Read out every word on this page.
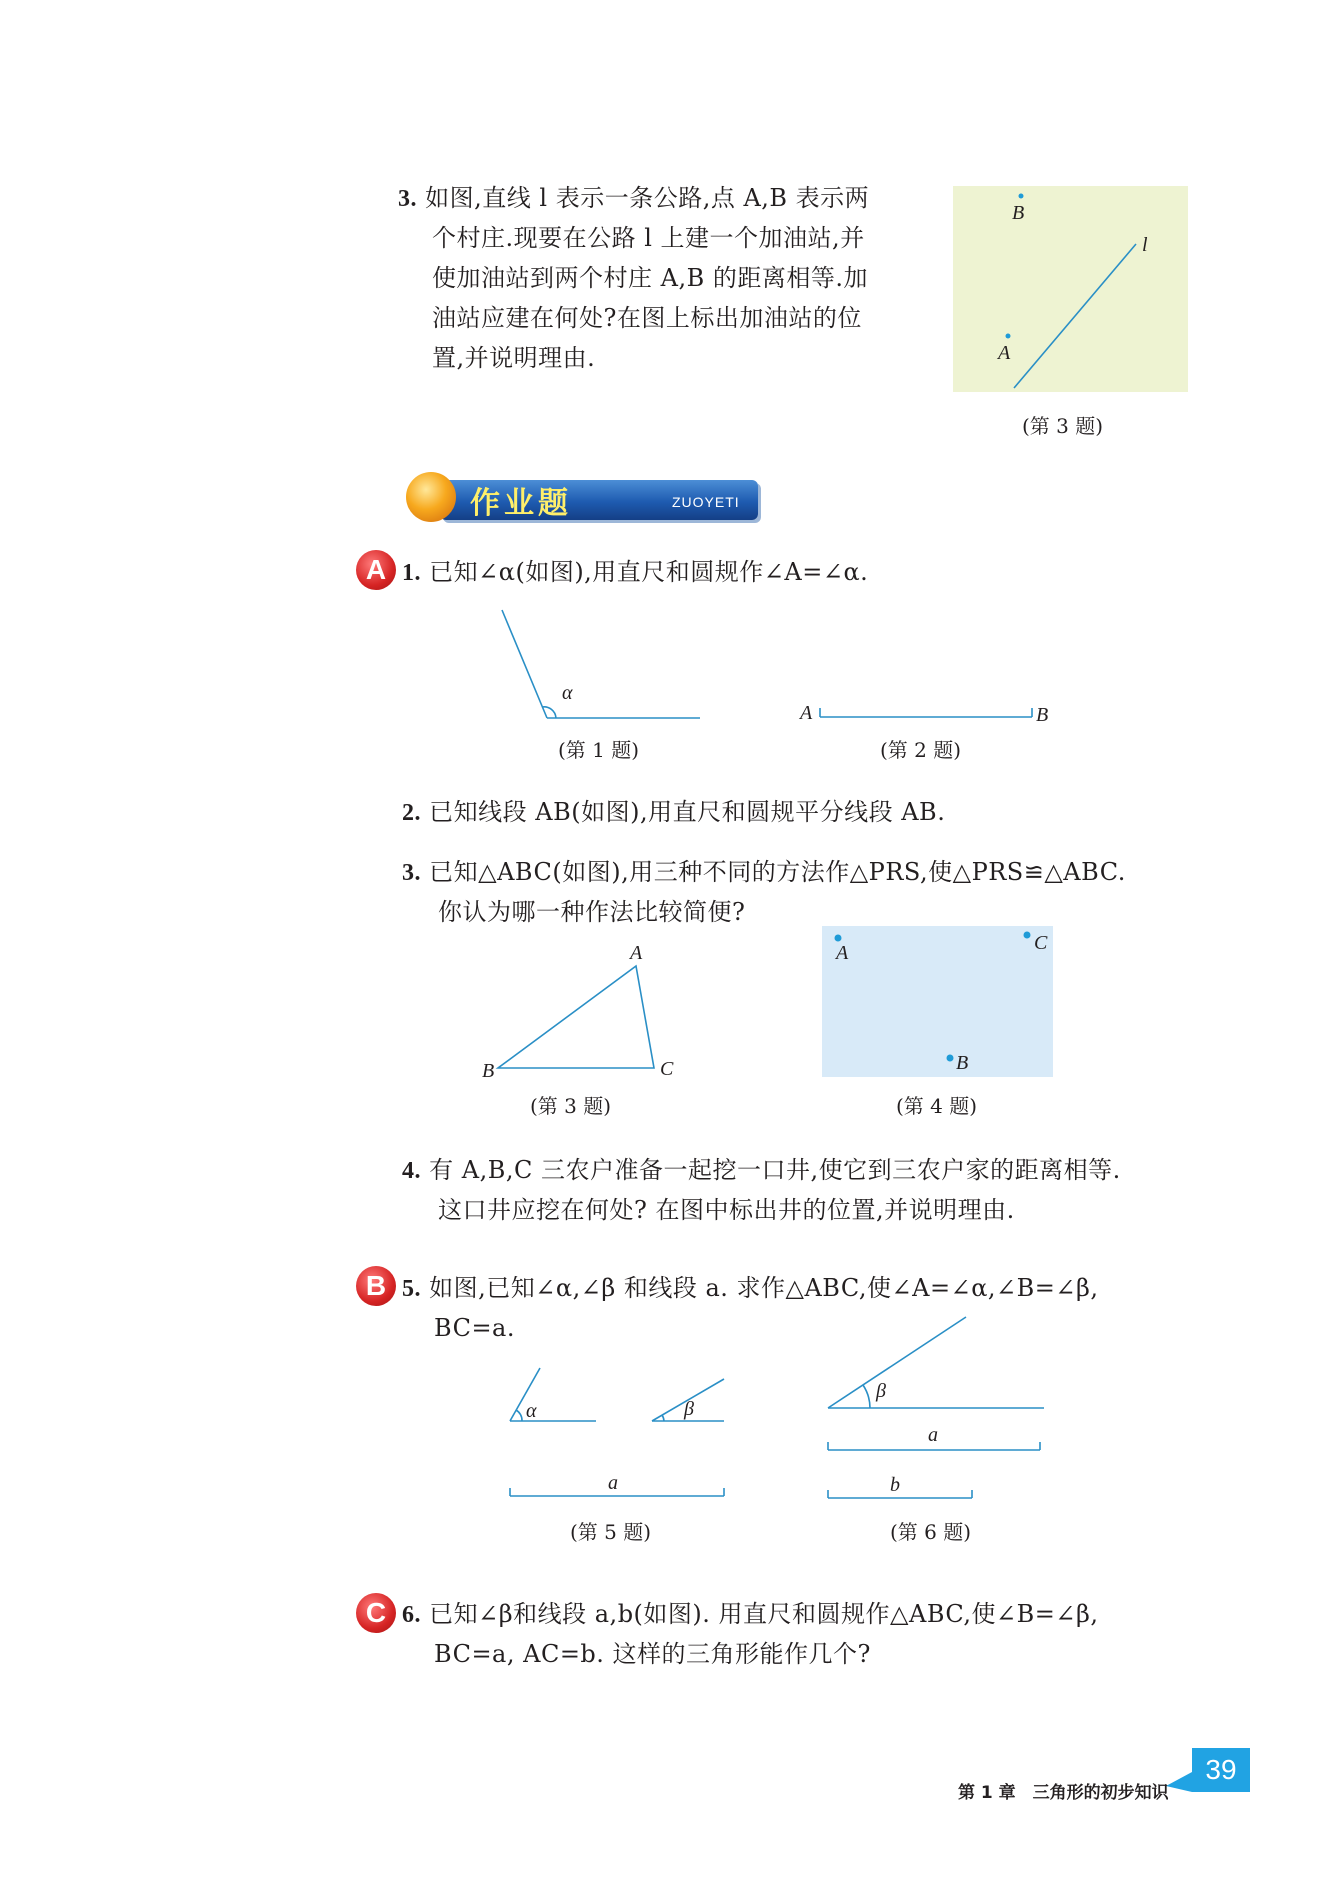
3. 如图,直线 l 表示一条公路,点 A,B 表示两
个村庄.现要在公路 l 上建一个加油站,并
使加油站到两个村庄 A,B 的距离相等.加
油站应建在何处?在图上标出加油站的位
置,并说明理由.
作业题	ZUOYETI
A
B
C
1. 已知∠α(如图),用直尺和圆规作∠A=∠α.
2. 已知线段 AB(如图),用直尺和圆规平分线段 AB.
3. 已知△ABC(如图),用三种不同的方法作△PRS,使△PRS≌△ABC.
你认为哪一种作法比较简便?
4. 有 A,B,C 三农户准备一起挖一口井,使它到三农户家的距离相等.
这口井应挖在何处? 在图中标出井的位置,并说明理由.
5. 如图,已知∠α,∠β 和线段 a. 求作△ABC,使∠A=∠α,∠B=∠β,
BC=a.
6. 已知∠β和线段 a,b(如图). 用直尺和圆规作△ABC,使∠B=∠β,
BC=a, AC=b. 这样的三角形能作几个?
B
l
A
(第 3 题)
α
(第 1 题)
A	B
(第 2 题)
A
B	C
(第 3 题)
A	C
B
(第 4 题)
α	β
a
(第 5 题)
β
a
b
(第 6 题)
第 1 章　三角形的初步知识
39
